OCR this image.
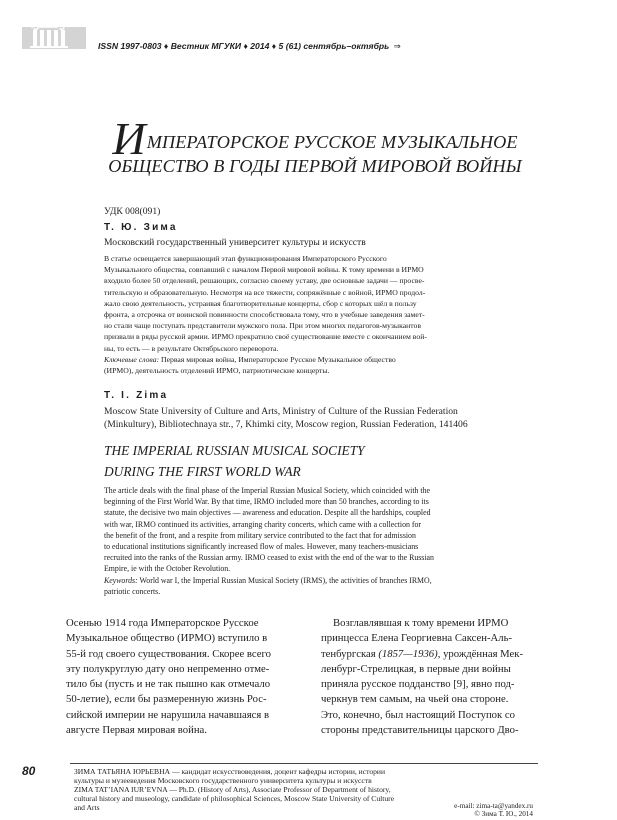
ISSN 1997-0803 ♦ Вестник МГУКИ ♦ 2014 ♦ 5 (61) сентябрь–октябрь ⇒
ИМПЕРАТОРСКОЕ РУССКОЕ МУЗЫКАЛЬНОЕ
ОБЩЕСТВО В ГОДЫ ПЕРВОЙ МИРОВОЙ ВОЙНЫ
УДК 008(091)
Т. Ю. Зима
Московский государственный университет культуры и искусств
В статье освещается завершающий этап функционирования Императорского Русского
Музыкального общества, совпавший с началом Первой мировой войны. К тому времени в ИРМО
входило более 50 отделений, решающих, согласно своему уставу, две основные задачи — просве-
тительскую и образовательную. Несмотря на все тяжести, сопряжённые с войной, ИРМО продол-
жало свою деятельность, устраивая благотворительные концерты, сбор с которых шёл в пользу
фронта, а отсрочка от воинской повинности способствовала тому, что в учебные заведения замет-
но стали чаще поступать представители мужского пола. При этом многих педагогов-музыкантов
призвали в ряды русской армии. ИРМО прекратило своё существование вместе с окончанием вой-
ны, то есть — в результате Октябрьского переворота.
Ключевые слова: Первая мировая война, Императорское Русское Музыкальное общество
(ИРМО), деятельность отделений ИРМО, патриотические концерты.
T. I. Zima
Moscow State University of Culture and Arts, Ministry of Culture of the Russian Federation
(Minkultury), Bibliotechnaya str., 7, Khimki city, Moscow region, Russian Federation, 141406
THE IMPERIAL RUSSIAN MUSICAL SOCIETY
DURING THE FIRST WORLD WAR
The article deals with the final phase of the Imperial Russian Musical Society, which coincided with the
beginning of the First World War. By that time, IRMO included more than 50 branches, according to its
statute, the decisive two main objectives — awareness and education. Despite all the hardships, coupled
with war, IRMO continued its activities, arranging charity concerts, which came with a collection for
the benefit of the front, and a respite from military service contributed to the fact that for admission
to educational institutions significantly increased flow of males. However, many teachers-musicians
recruited into the ranks of the Russian army. IRMO ceased to exist with the end of the war to the Russian
Empire, ie with the October Revolution.
Keywords: World war I, the Imperial Russian Musical Society (IRMS), the activities of branches IRMO,
patriotic concerts.
Осенью 1914 года Императорское Русское
Музыкальное общество (ИРМО) вступило в
55-й год своего существования. Скорее всего
эту полукруглую дату оно непременно отме-
тило бы (пусть и не так пышно как отмечало
50-летие), если бы размеренную жизнь Рос-
сийской империи не нарушила начавшаяся в
августе Первая мировая война.
Возглавлявшая к тому времени ИРМО
принцесса Елена Георгиевна Саксен-Аль-
тенбургская (1857—1936), урождённая Мек-
ленбург-Стрелицкая, в первые дни войны
приняла русское подданство [9], явно под-
черкнув тем самым, на чьей она стороне.
Это, конечно, был настоящий Поступок со
стороны представительницы царского Дво-
80	ЗИМА ТАТЬЯНА ЮРЬЕВНА — кандидат искусствоведения, доцент кафедры истории, истории
культуры и музееведения Московского государственного университета культуры и искусств
ZIMA TAT’IANA IUR’EVNA — Ph.D. (History of Arts), Associate Professor of Department of history,
cultural history and museology, candidate of philosophical Sciences, Moscow State University of Culture
and Arts	e-mail: zima-ta@yandex.ru
© Зима Т. Ю., 2014
